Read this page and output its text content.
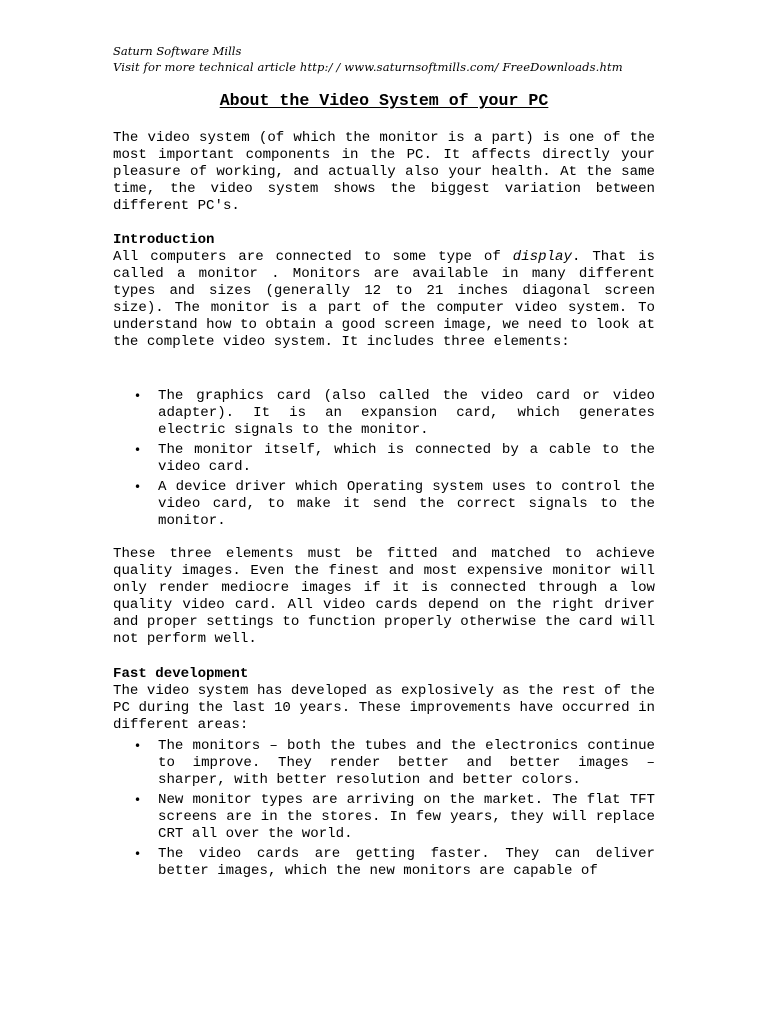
Saturn Software Mills
Visit for more technical article http:/ / www.saturnsoftmills.com/ FreeDownloads.htm
About the Video System of your PC

The video system (of which the monitor is a part) is one of the most important components in the PC. It affects directly your pleasure of working, and actually also your health. At the same time, the video system shows the biggest variation between different PC's.

Introduction

All computers are connected to some type of display. That is called a monitor . Monitors are available in many different types and sizes (generally 12 to 21 inches diagonal screen size). The monitor is a part of the computer video system. To understand how to obtain a good screen image, we need to look at the complete video system. It includes three elements:

• The graphics card (also called the video card or video adapter). It is an expansion card, which generates electric signals to the monitor.
• The monitor itself, which is connected by a cable to the video card.
• A device driver which Operating system uses to control the video card, to make it send the correct signals to the monitor.

These three elements must be fitted and matched to achieve quality images. Even the finest and most expensive monitor will only render mediocre images if it is connected through a low quality video card. All video cards depend on the right driver and proper settings to function properly otherwise the card will not perform well.

Fast development

The video system has developed as explosively as the rest of the PC during the last 10 years. These improvements have occurred in different areas:

• The monitors – both the tubes and the electronics continue to improve. They render better and better images – sharper, with better resolution and better colors.
• New monitor types are arriving on the market. The flat TFT screens are in the stores. In few years, they will replace CRT all over the world.
• The video cards are getting faster. They can deliver better images, which the new monitors are capable of
